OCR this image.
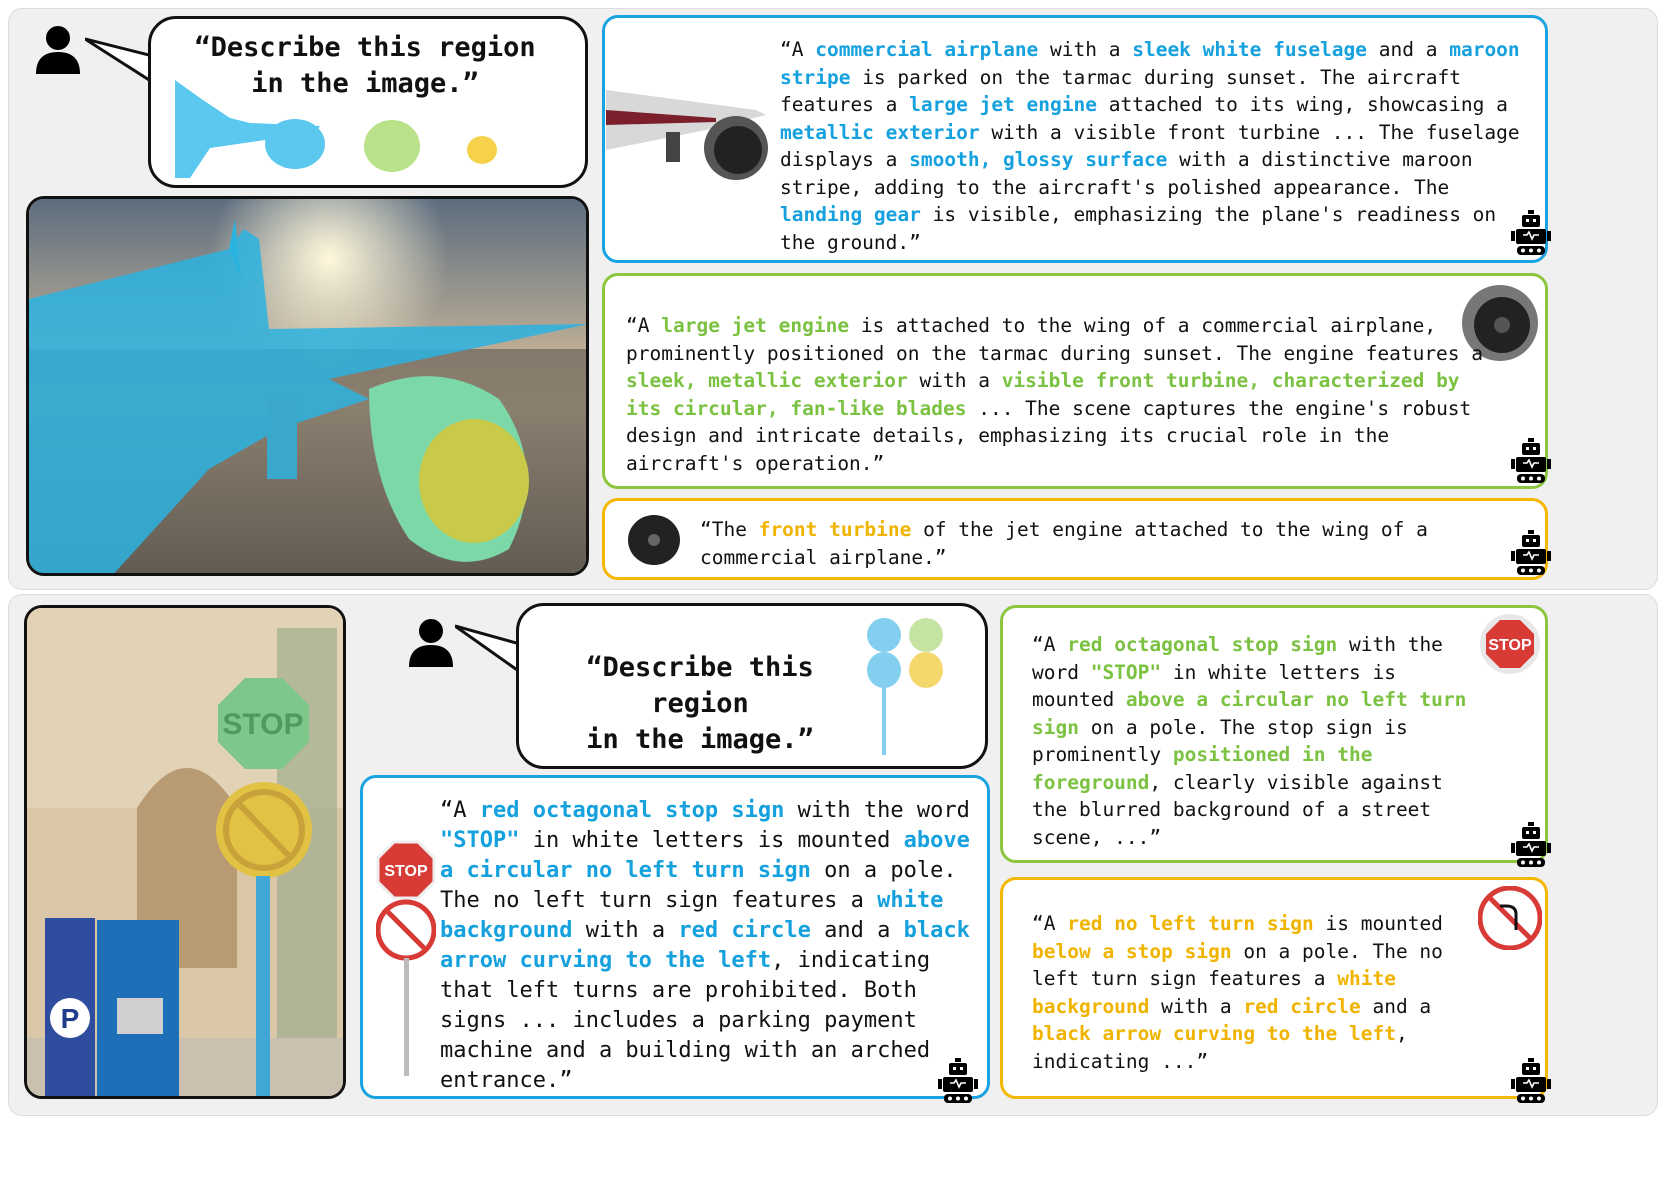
“Describe this region
in the image.”
“A commercial airplane with a sleek white fuselage and a maroon stripe is parked on the tarmac during sunset. The aircraft features a large jet engine attached to its wing, showcasing a metallic exterior with a visible front turbine ... The fuselage displays a smooth, glossy surface with a distinctive maroon stripe, adding to the aircraft's polished appearance. The landing gear is visible, emphasizing the plane's readiness on the ground.”
“A large jet engine is attached to the wing of a commercial airplane, prominently positioned on the tarmac during sunset. The engine features a sleek, metallic exterior with a visible front turbine, characterized by its circular, fan-like blades ... The scene captures the engine's robust design and intricate details, emphasizing its crucial role in the aircraft's operation.”
“The front turbine of the jet engine attached to the wing of a commercial airplane.”
STOP
P
“Describe this region
in the image.”
STOP
“A red octagonal stop sign with the word "STOP" in white letters is mounted above a circular no left turn sign on a pole. The no left turn sign features a white background with a red circle and a black arrow curving to the left, indicating that left turns are prohibited. Both signs ... includes a parking payment machine and a building with an arched entrance.”
STOP
“A red octagonal stop sign with the word "STOP" in white letters is mounted above a circular no left turn sign on a pole. The stop sign is prominently positioned in the foreground, clearly visible against the blurred background of a street scene, ...”
“A red no left turn sign is mounted below a stop sign on a pole. The no left turn sign features a white background with a red circle and a black arrow curving to the left, indicating ...”
